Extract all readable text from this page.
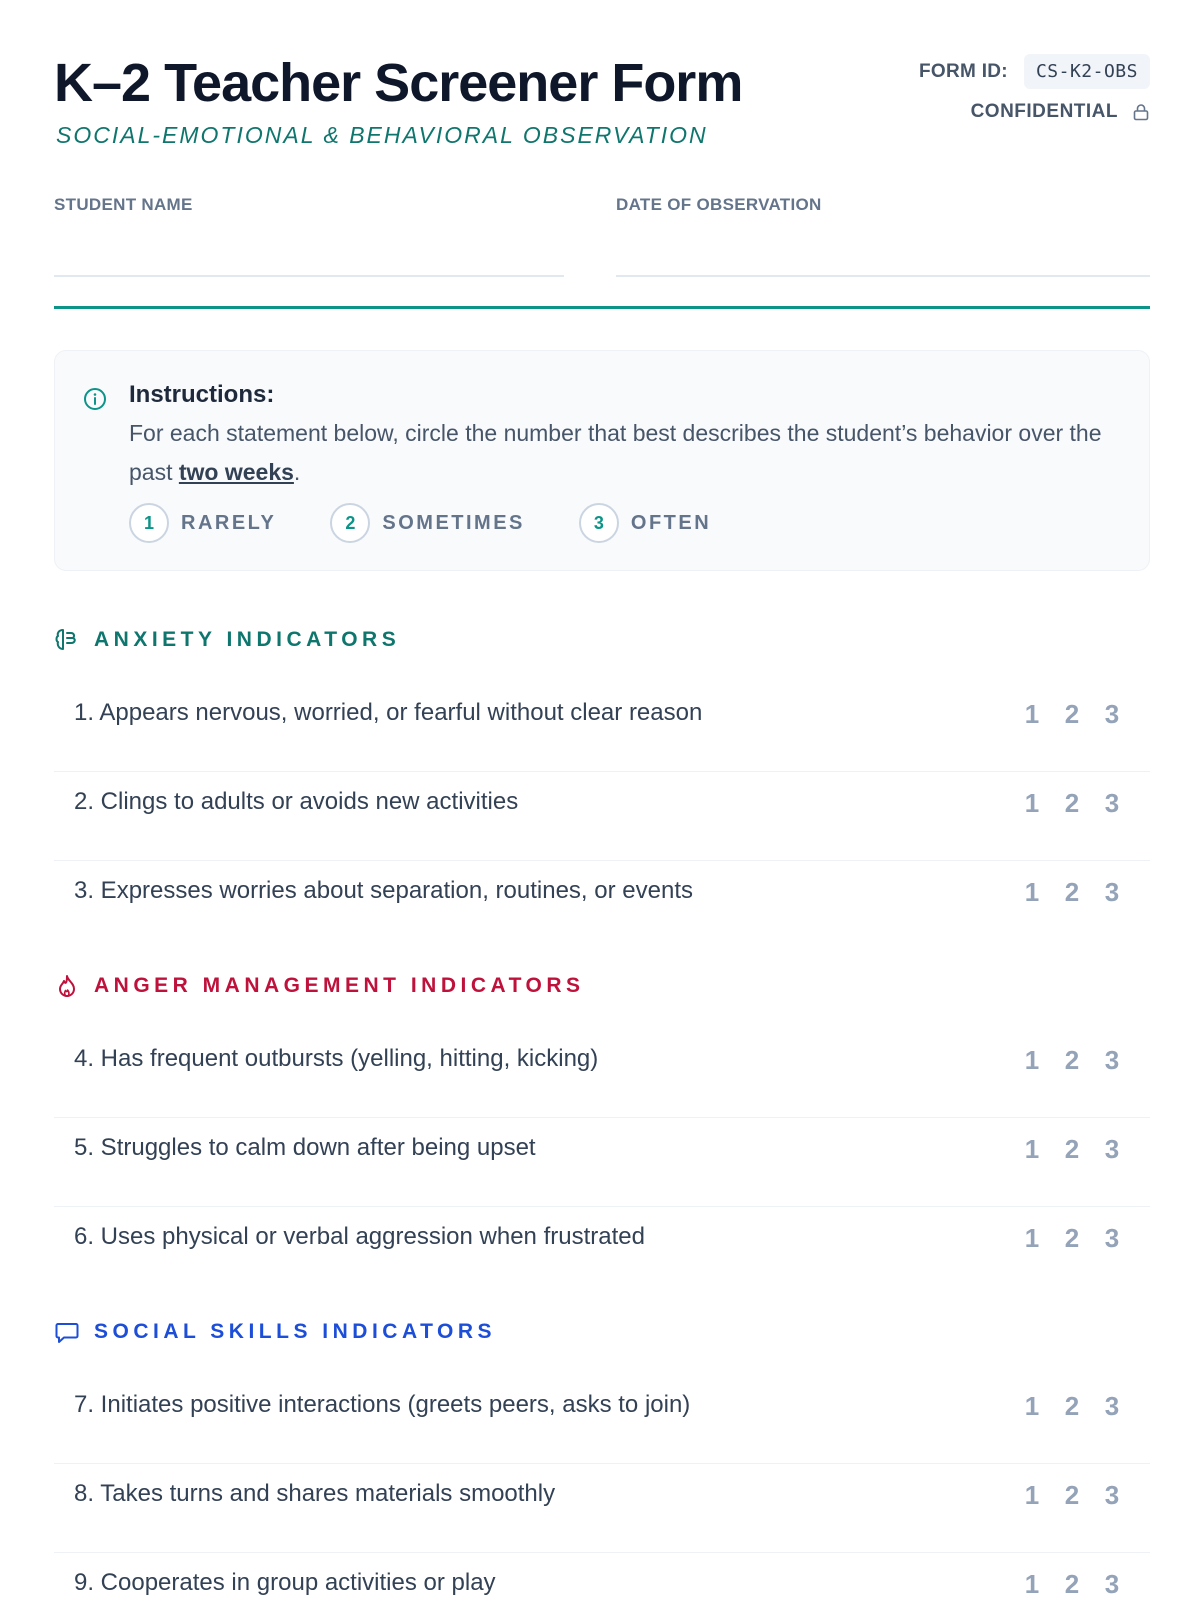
K–2 Teacher Screener Form
SOCIAL-EMOTIONAL & BEHAVIORAL OBSERVATION
FORM ID:	CS-K2-OBS
CONFIDENTIAL
STUDENT NAME	DATE OF OBSERVATION
Instructions:
For each statement below, circle the number that best describes the student’s behavior over the past two weeks.
1	RARELY	2	SOMETIMES	3	OFTEN
ANXIETY INDICATORS
1. Appears nervous, worried, or fearful without clear reason	1 2 3
2. Clings to adults or avoids new activities	1 2 3
3. Expresses worries about separation, routines, or events	1 2 3
ANGER MANAGEMENT INDICATORS
4. Has frequent outbursts (yelling, hitting, kicking)	1 2 3
5. Struggles to calm down after being upset	1 2 3
6. Uses physical or verbal aggression when frustrated	1 2 3
SOCIAL SKILLS INDICATORS
7. Initiates positive interactions (greets peers, asks to join)	1 2 3
8. Takes turns and shares materials smoothly	1 2 3
9. Cooperates in group activities or play	1 2 3
